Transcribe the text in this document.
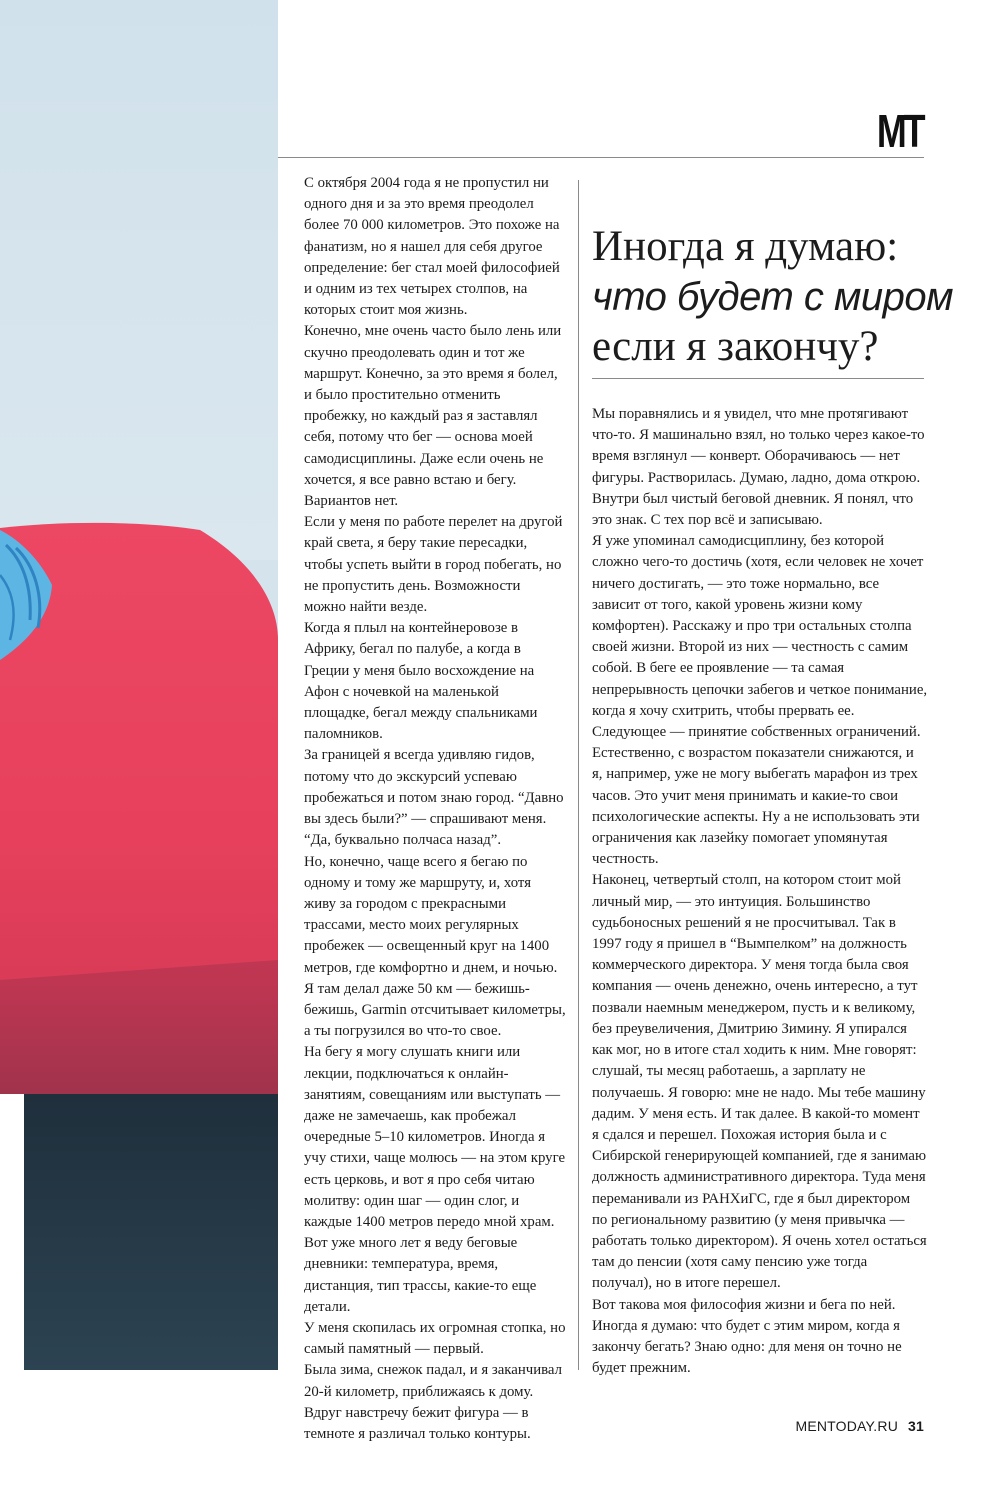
MT

С октября 2004 года я не пропустил ни одного дня и за это время преодолел более 70 000 километров. Это похоже на фанатизм, но я нашел для себя другое определение: бег стал моей философией и одним из тех четырех столпов, на которых стоит моя жизнь.

Конечно, мне очень часто было лень или скучно преодолевать один и тот же маршрут. Конечно, за это время я болел, и было простительно отменить пробежку, но каждый раз я заставлял себя, потому что бег — основа моей самодисциплины. Даже если очень не хочется, я все равно встаю и бегу. Вариантов нет.

Если у меня по работе перелет на другой край света, я беру такие пересадки, чтобы успеть выйти в город побегать, но не пропустить день. Возможности можно найти везде.

Когда я плыл на контейнеровозе в Африку, бегал по палубе, а когда в Греции у меня было восхождение на Афон с ночевкой на маленькой площадке, бегал между спальниками паломников.

За границей я всегда удивляю гидов, потому что до экскурсий успеваю пробежаться и потом знаю город. “Давно вы здесь были?” — спрашивают меня. “Да, буквально полчаса назад”.

Но, конечно, чаще всего я бегаю по одному и тому же маршруту, и, хотя живу за городом с прекрасными трассами, место моих регулярных пробежек — освещенный круг на 1400 метров, где комфортно и днем, и ночью. Я там делал даже 50 км — бежишь-бежишь, Garmin отсчитывает километры, а ты погрузился во что-то свое.

На бегу я могу слушать книги или лекции, подключаться к онлайн-занятиям, совещаниям или выступать — даже не замечаешь, как пробежал очередные 5–10 километров. Иногда я учу стихи, чаще молюсь — на этом круге есть церковь, и вот я про себя читаю молитву: один шаг — один слог, и каждые 1400 метров передо мной храм.

Вот уже много лет я веду беговые дневники: температура, время, дистанция, тип трассы, какие-то еще детали.

У меня скопилась их огромная стопка, но самый памятный — первый.

Была зима, снежок падал, и я заканчивал 20-й километр, приближаясь к дому. Вдруг навстречу бежит фигура — в темноте я различал только контуры.

Иногда я думаю:
что будет с миром
если я закончу?

Мы поравнялись и я увидел, что мне протягивают что-то. Я машинально взял, но только через какое-то время взглянул — конверт. Оборачиваюсь — нет фигуры. Растворилась. Думаю, ладно, дома открою. Внутри был чистый беговой дневник. Я понял, что это знак. С тех пор всё и записываю.

Я уже упоминал самодисциплину, без которой сложно чего-то достичь (хотя, если человек не хочет ничего достигать, — это тоже нормально, все зависит от того, какой уровень жизни кому комфортен). Расскажу и про три остальных столпа своей жизни. Второй из них — честность с самим собой. В беге ее проявление — та самая непрерывность цепочки забегов и четкое понимание, когда я хочу схитрить, чтобы прервать ее.

Следующее — принятие собственных ограничений. Естественно, с возрастом показатели снижаются, и я, например, уже не могу выбегать марафон из трех часов. Это учит меня принимать и какие-то свои психологические аспекты. Ну а не использовать эти ограничения как лазейку помогает упомянутая честность.

Наконец, четвертый столп, на котором стоит мой личный мир, — это интуиция. Большинство судьбоносных решений я не просчитывал. Так в 1997 году я пришел в “Вымпелком” на должность коммерческого директора. У меня тогда была своя компания — очень денежно, очень интересно, а тут позвали наемным менеджером, пусть и к великому, без преувеличения, Дмитрию Зимину. Я упирался как мог, но в итоге стал ходить к ним. Мне говорят: слушай, ты месяц работаешь, а зарплату не получаешь. Я говорю: мне не надо. Мы тебе машину дадим. У меня есть. И так далее. В какой-то момент я сдался и перешел. Похожая история была и с Сибирской генерирующей компанией, где я занимаю должность административного директора. Туда меня переманивали из РАНХиГС, где я был директором по региональному развитию (у меня привычка — работать только директором). Я очень хотел остаться там до пенсии (хотя саму пенсию уже тогда получал), но в итоге перешел.

Вот такова моя философия жизни и бега по ней.

Иногда я думаю: что будет с этим миром, когда я закончу бегать? Знаю одно: для меня он точно не будет прежним.

MENTODAY.RU 31
